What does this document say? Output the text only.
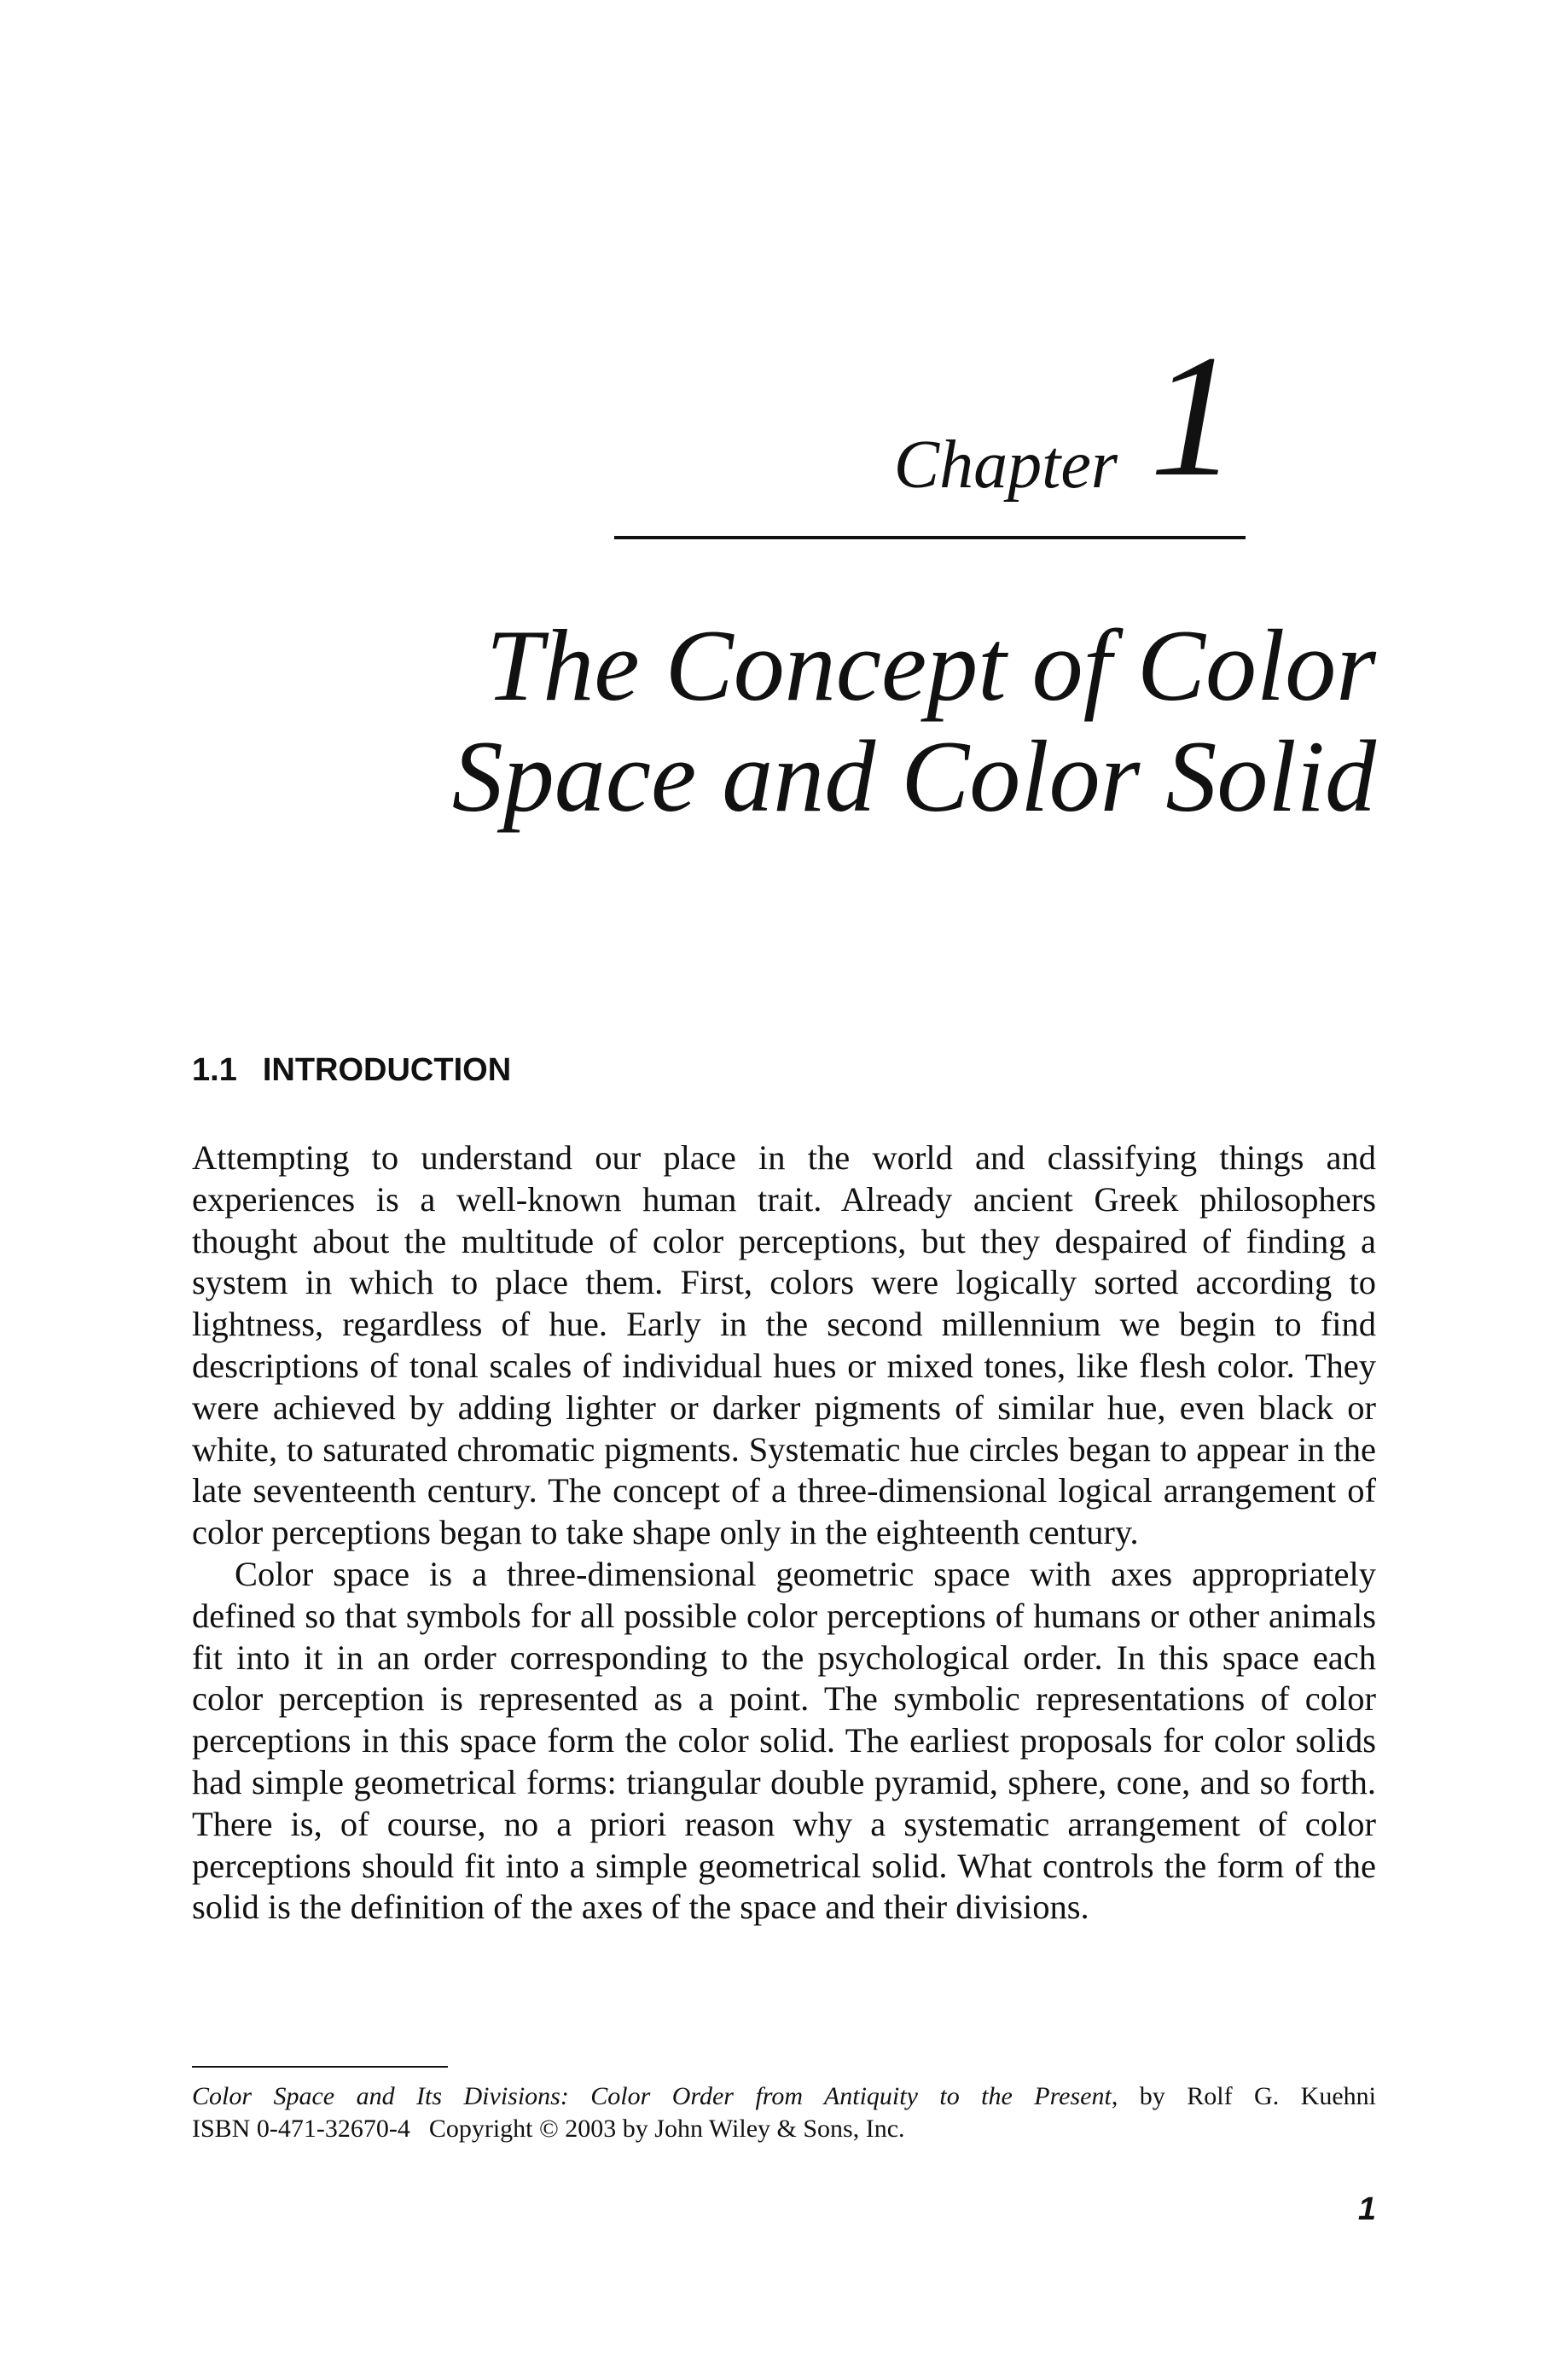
Chapter 1
The Concept of Color
Space and Color Solid
1.1 INTRODUCTION

Attempting to understand our place in the world and classifying things and experiences is a well-known human trait. Already ancient Greek philosophers thought about the multitude of color perceptions, but they despaired of finding a system in which to place them. First, colors were logically sorted according to lightness, regardless of hue. Early in the second millennium we begin to find descriptions of tonal scales of individual hues or mixed tones, like flesh color. They were achieved by adding lighter or darker pigments of similar hue, even black or white, to saturated chromatic pigments. Systematic hue circles began to appear in the late seventeenth century. The concept of a three-dimensional logical arrangement of color perceptions began to take shape only in the eighteenth century.

Color space is a three-dimensional geometric space with axes appropriately defined so that symbols for all possible color perceptions of humans or other animals fit into it in an order corresponding to the psychological order. In this space each color perception is represented as a point. The symbolic representations of color perceptions in this space form the color solid. The earliest proposals for color solids had simple geometrical forms: triangular double pyramid, sphere, cone, and so forth. There is, of course, no a priori reason why a systematic arrangement of color perceptions should fit into a simple geometrical solid. What controls the form of the solid is the definition of the axes of the space and their divisions.

Color Space and Its Divisions: Color Order from Antiquity to the Present, by Rolf G. Kuehni
ISBN 0-471-32670-4 Copyright © 2003 by John Wiley & Sons, Inc.
1
